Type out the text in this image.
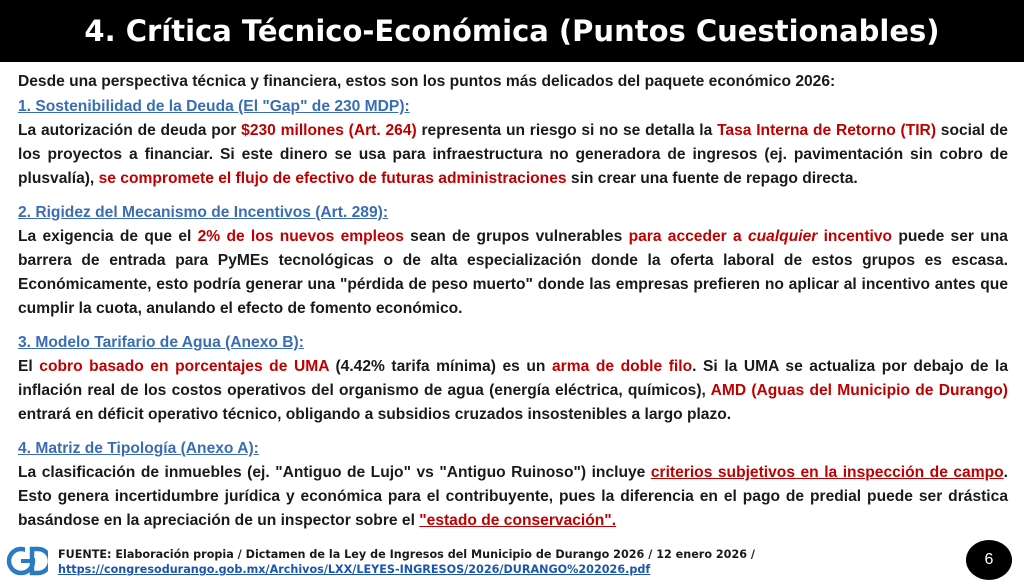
4. Crítica Técnico-Económica (Puntos Cuestionables)

Desde una perspectiva técnica y financiera, estos son los puntos más delicados del paquete económico 2026:

1. Sostenibilidad de la Deuda (El "Gap" de 230 MDP):

La autorización de deuda por $230 millones (Art. 264) representa un riesgo si no se detalla la Tasa Interna de Retorno (TIR) social de los proyectos a financiar. Si este dinero se usa para infraestructura no generadora de ingresos (ej. pavimentación sin cobro de plusvalía), se compromete el flujo de efectivo de futuras administraciones sin crear una fuente de repago directa.

2. Rigidez del Mecanismo de Incentivos (Art. 289):

La exigencia de que el 2% de los nuevos empleos sean de grupos vulnerables para acceder a cualquier incentivo puede ser una barrera de entrada para PyMEs tecnológicas o de alta especialización donde la oferta laboral de estos grupos es escasa. Económicamente, esto podría generar una "pérdida de peso muerto" donde las empresas prefieren no aplicar al incentivo antes que cumplir la cuota, anulando el efecto de fomento económico.

3. Modelo Tarifario de Agua (Anexo B):

El cobro basado en porcentajes de UMA (4.42% tarifa mínima) es un arma de doble filo. Si la UMA se actualiza por debajo de la inflación real de los costos operativos del organismo de agua (energía eléctrica, químicos), AMD (Aguas del Municipio de Durango) entrará en déficit operativo técnico, obligando a subsidios cruzados insostenibles a largo plazo.

4. Matriz de Tipología (Anexo A):

La clasificación de inmuebles (ej. "Antiguo de Lujo" vs "Antiguo Ruinoso") incluye criterios subjetivos en la inspección de campo. Esto genera incertidumbre jurídica y económica para el contribuyente, pues la diferencia en el pago de predial puede ser drástica basándose en la apreciación de un inspector sobre el "estado de conservación".

FUENTE: Elaboración propia / Dictamen de la Ley de Ingresos del Municipio de Durango 2026 / 12 enero 2026 /
https://congresodurango.gob.mx/Archivos/LXX/LEYES-INGRESOS/2026/DURANGO%202026.pdf
6
